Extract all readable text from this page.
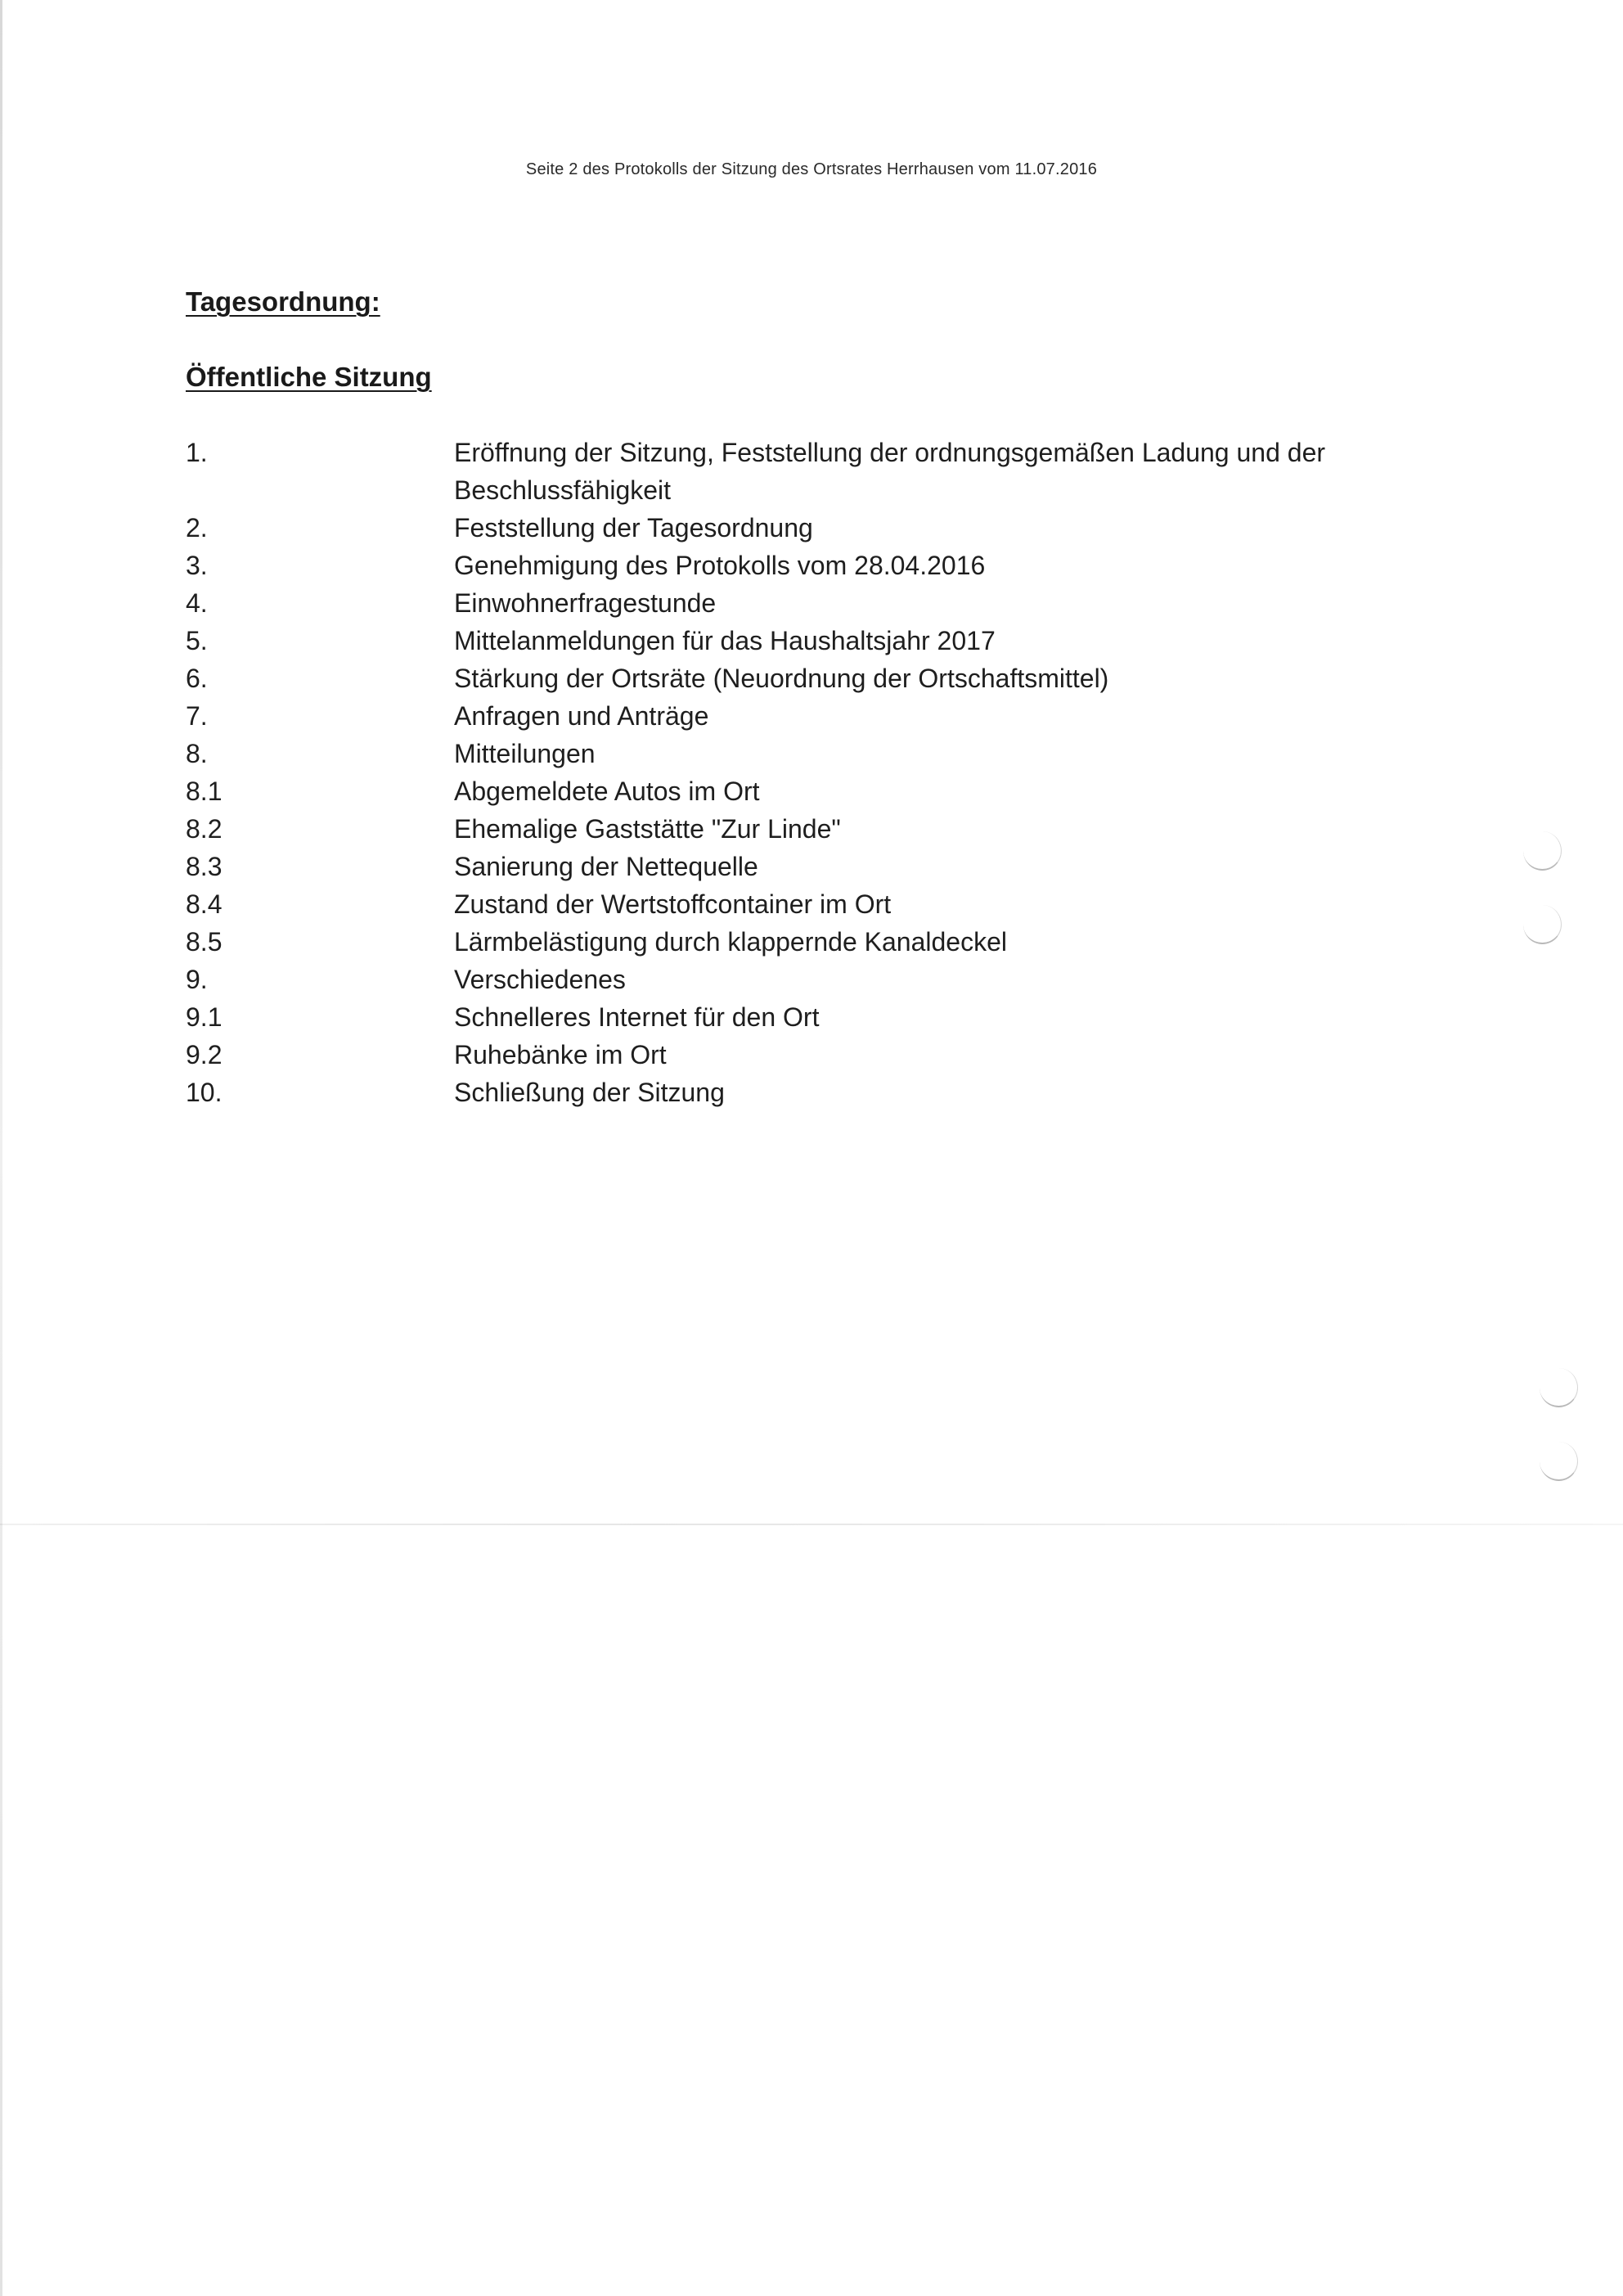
Seite 2 des Protokolls der Sitzung des Ortsrates Herrhausen vom 11.07.2016
Tagesordnung:
Öffentliche Sitzung
1.	Eröffnung der Sitzung, Feststellung der ordnungsgemäßen Ladung und der Beschlussfähigkeit
2.	Feststellung der Tagesordnung
3.	Genehmigung des Protokolls vom 28.04.2016
4.	Einwohnerfragestunde
5.	Mittelanmeldungen für das Haushaltsjahr 2017
6.	Stärkung der Ortsräte (Neuordnung der Ortschaftsmittel)
7.	Anfragen und Anträge
8.	Mitteilungen
8.1	Abgemeldete Autos im Ort
8.2	Ehemalige Gaststätte "Zur Linde"
8.3	Sanierung der Nettequelle
8.4	Zustand der Wertstoffcontainer im Ort
8.5	Lärmbelästigung durch klappernde Kanaldeckel
9.	Verschiedenes
9.1	Schnelleres Internet für den Ort
9.2	Ruhebänke im Ort
10.	Schließung der Sitzung
